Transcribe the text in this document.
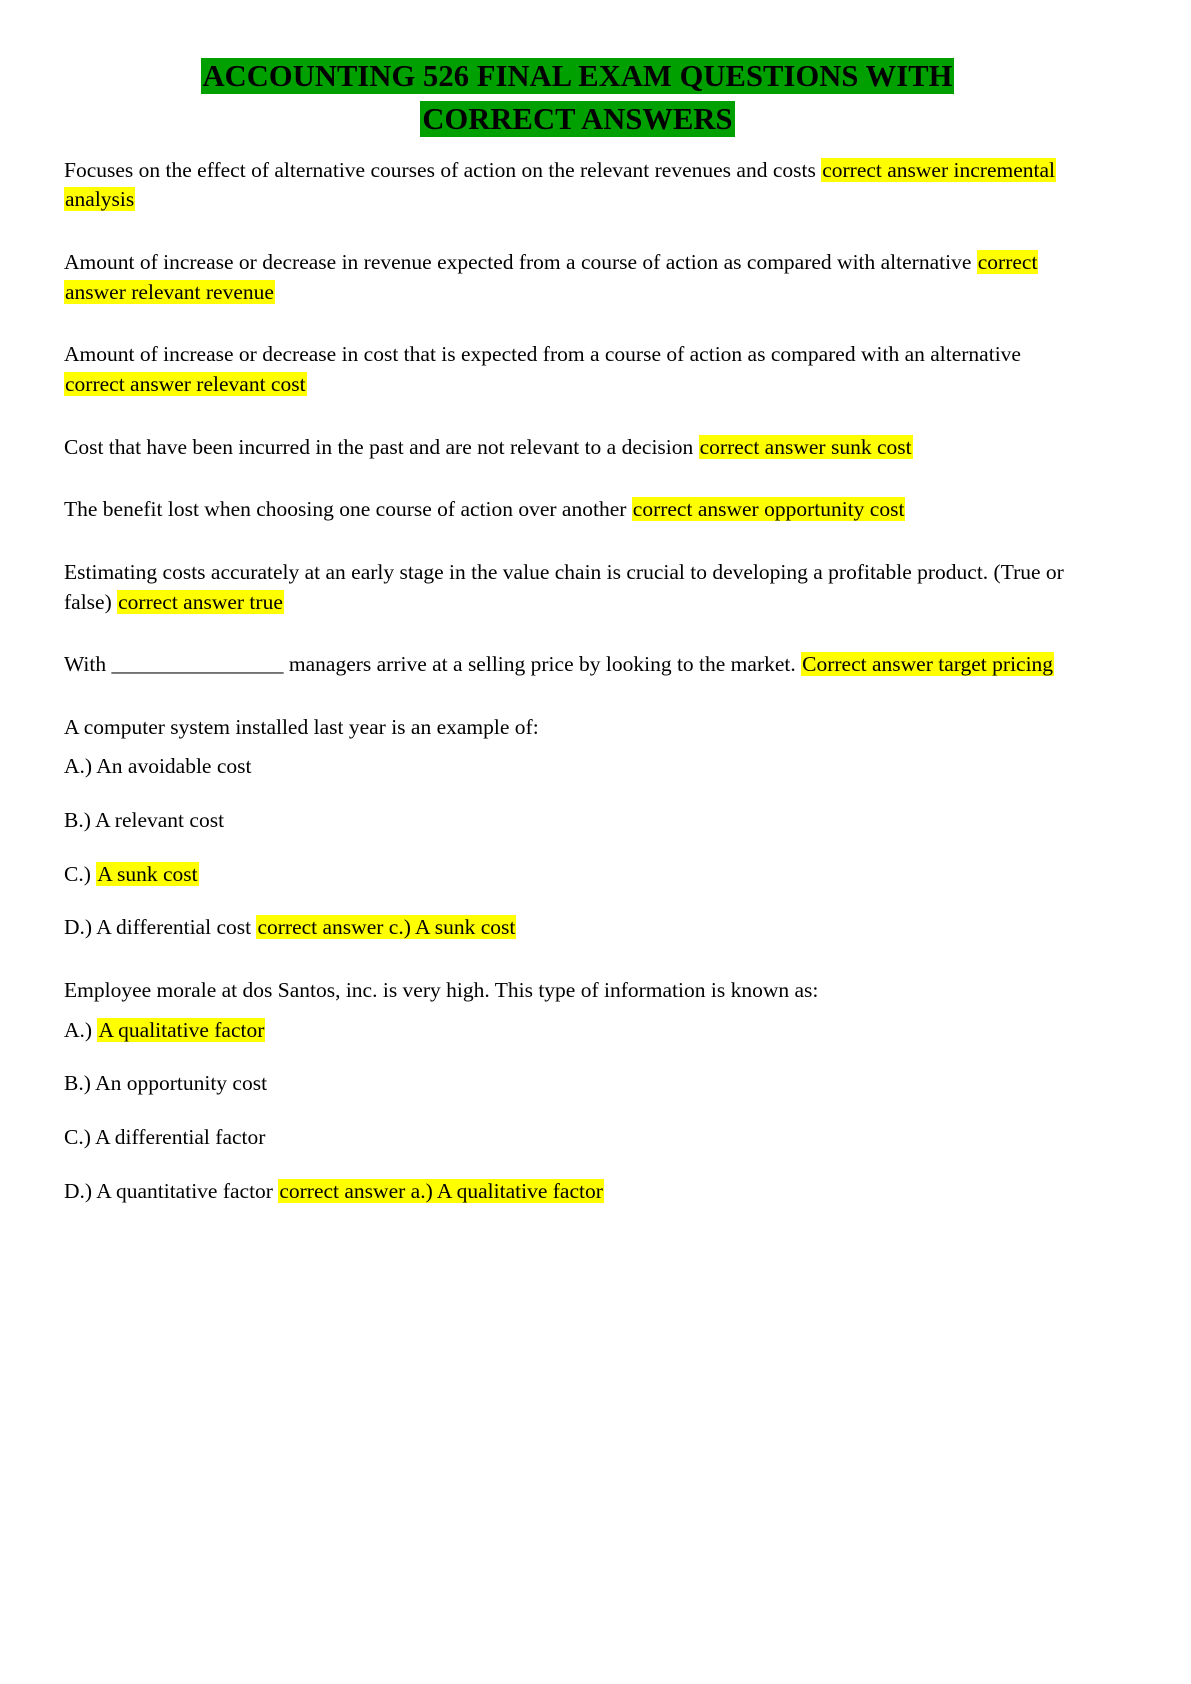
ACCOUNTING 526 FINAL EXAM QUESTIONS WITH
CORRECT ANSWERS

Focuses on the effect of alternative courses of action on the relevant revenues and costs correct answer incremental analysis

Amount of increase or decrease in revenue expected from a course of action as compared with alternative correct answer relevant revenue

Amount of increase or decrease in cost that is expected from a course of action as compared with an alternative correct answer relevant cost

Cost that have been incurred in the past and are not relevant to a decision correct answer sunk cost

The benefit lost when choosing one course of action over another correct answer opportunity cost

Estimating costs accurately at an early stage in the value chain is crucial to developing a profitable product. (True or false) correct answer true

With ________________ managers arrive at a selling price by looking to the market. Correct answer target pricing

A computer system installed last year is an example of:

A.) An avoidable cost

B.) A relevant cost

C.) A sunk cost

D.) A differential cost correct answer c.) A sunk cost

Employee morale at dos Santos, inc. is very high. This type of information is known as:

A.) A qualitative factor

B.) An opportunity cost

C.) A differential factor

D.) A quantitative factor correct answer a.) A qualitative factor
